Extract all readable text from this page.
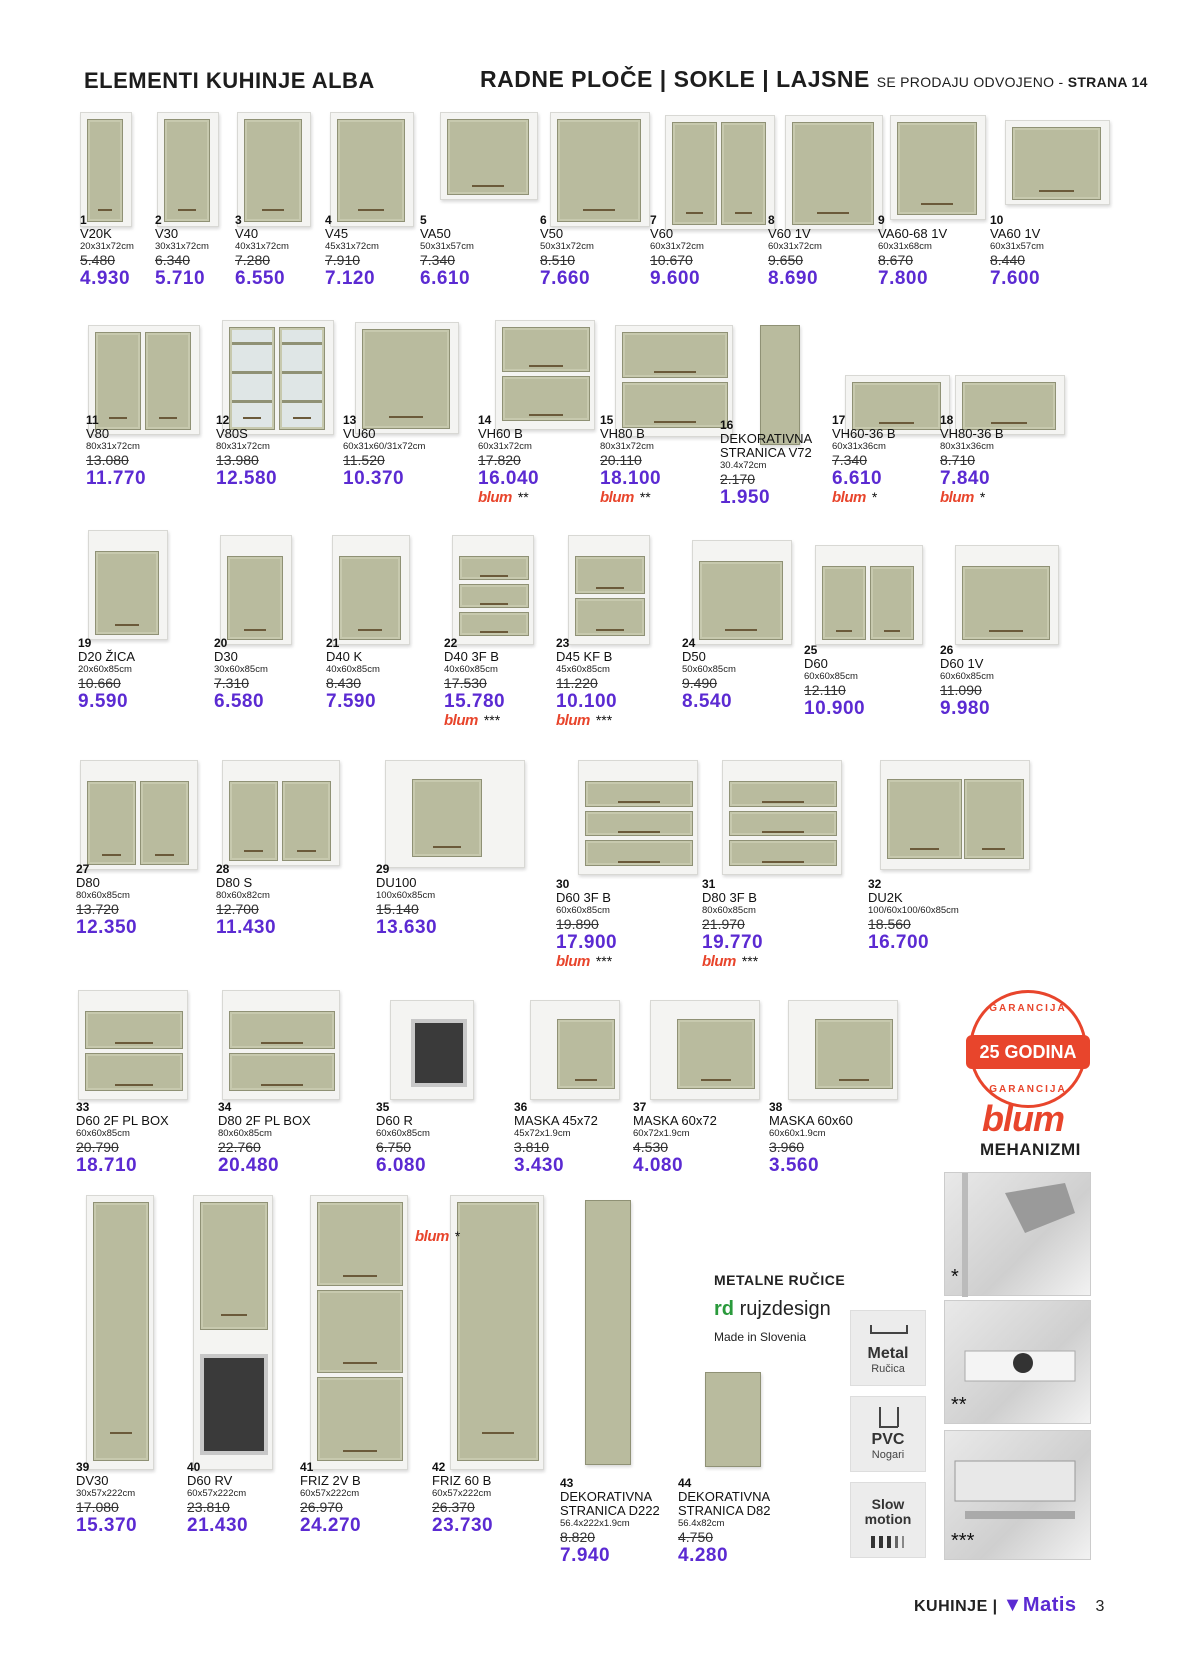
ELEMENTI KUHINJE ALBA	RADNE PLOČE | SOKLE | LAJSNE SE PRODAJU ODVOJENO - STRANA 14
1
V20K
20x31x72cm
5.480
4.930
2
V30
30x31x72cm
6.340
5.710
3
V40
40x31x72cm
7.280
6.550
4
V45
45x31x72cm
7.910
7.120
5
VA50
50x31x57cm
7.340
6.610
6
V50
50x31x72cm
8.510
7.660
7
V60
60x31x72cm
10.670
9.600
8
V60 1V
60x31x72cm
9.650
8.690
9
VA60-68 1V
60x31x68cm
8.670
7.800
10
VA60 1V
60x31x57cm
8.440
7.600
11
V80
80x31x72cm
13.080
11.770
12
V80S
80x31x72cm
13.980
12.580
13
VU60
60x31x60/31x72cm
11.520
10.370
14
VH60 B
60x31x72cm
17.820
16.040
blum **
15
VH80 B
80x31x72cm
20.110
18.100
blum **
16
DEKORATIVNA STRANICA V72
30.4x72cm
2.170
1.950
17
VH60-36 B
60x31x36cm
7.340
6.610
blum *
18
VH80-36 B
80x31x36cm
8.710
7.840
blum *
19
D20 ŽICA
20x60x85cm
10.660
9.590
20
D30
30x60x85cm
7.310
6.580
21
D40 K
40x60x85cm
8.430
7.590
22
D40 3F B
40x60x85cm
17.530
15.780
blum ***
23
D45 KF B
45x60x85cm
11.220
10.100
blum ***
24
D50
50x60x85cm
9.490
8.540
25
D60
60x60x85cm
12.110
10.900
26
D60 1V
60x60x85cm
11.090
9.980
27
D80
80x60x85cm
13.720
12.350
28
D80 S
80x60x82cm
12.700
11.430
29
DU100
100x60x85cm
15.140
13.630
30
D60 3F B
60x60x85cm
19.890
17.900
blum ***
31
D80 3F B
80x60x85cm
21.970
19.770
blum ***
32
DU2K
100/60x100/60x85cm
18.560
16.700
33
D60 2F PL BOX
60x60x85cm
20.790
18.710
34
D80 2F PL BOX
80x60x85cm
22.760
20.480
35
D60 R
60x60x85cm
6.750
6.080
36
MASKA 45x72
45x72x1.9cm
3.810
3.430
37
MASKA 60x72
60x72x1.9cm
4.530
4.080
38
MASKA 60x60
60x60x1.9cm
3.960
3.560
39
DV30
30x57x222cm
17.080
15.370
40
D60 RV
60x57x222cm
23.810
21.430
41
FRIZ 2V B
60x57x222cm
26.970
24.270
42
FRIZ 60 B
60x57x222cm
26.370
23.730
43
DEKORATIVNA STRANICA D222
56.4x222x1.9cm
8.820
7.940
44
DEKORATIVNA STRANICA D82
56.4x82cm
4.750
4.280
blum *
GARANCIJA
25 GODINA
GARANCIJA
blum
MEHANIZMI
*
**
***
METALNE RUČICE
rd rujzdesign
Made in Slovenia
Metal
Ručica
PVC
Nogari
Slow motion
KUHINJE | ▼Matis 3
